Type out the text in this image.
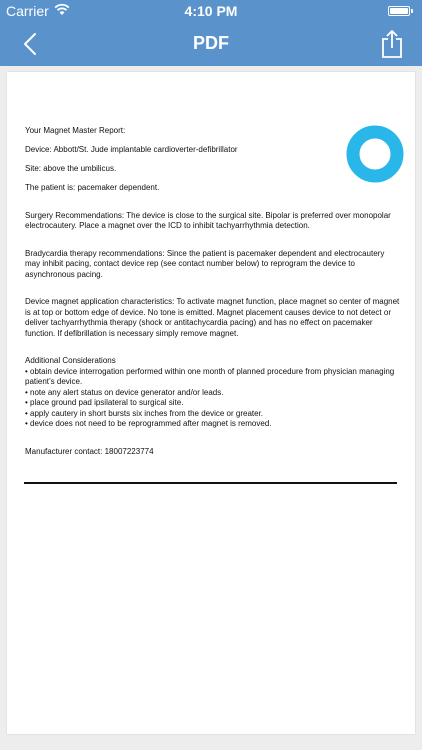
Carrier	4:10 PM
PDF

Your Magnet Master Report:

Device: Abbott/St. Jude implantable cardioverter-defibrillator

Site: above the umbilicus.

The patient is: pacemaker dependent.

Surgery Recommendations: The device is close to the surgical site. Bipolar is preferred over monopolar electrocautery. Place a magnet over the ICD to inhibit tachyarrhythmia detection.

Bradycardia therapy recommendations: Since the patient is pacemaker dependent and electrocautery may inhibit pacing, contact device rep (see contact number below) to reprogram the device to asynchronous pacing.

Device magnet application characteristics: To activate magnet function, place magnet so center of magnet is at top or bottom edge of device. No tone is emitted. Magnet placement causes device to not detect or deliver tachyarrhythmia therapy (shock or antitachycardia pacing) and has no effect on pacemaker function. If defibrillation is necessary simply remove magnet.

Additional Considerations

• obtain device interrogation performed within one month of planned procedure from physician managing patient’s device.

• note any alert status on device generator and/or leads.

• place ground pad ipsilateral to surgical site.

• apply cautery in short bursts six inches from the device or greater.

• device does not need to be reprogrammed after magnet is removed.

Manufacturer contact: 18007223774
